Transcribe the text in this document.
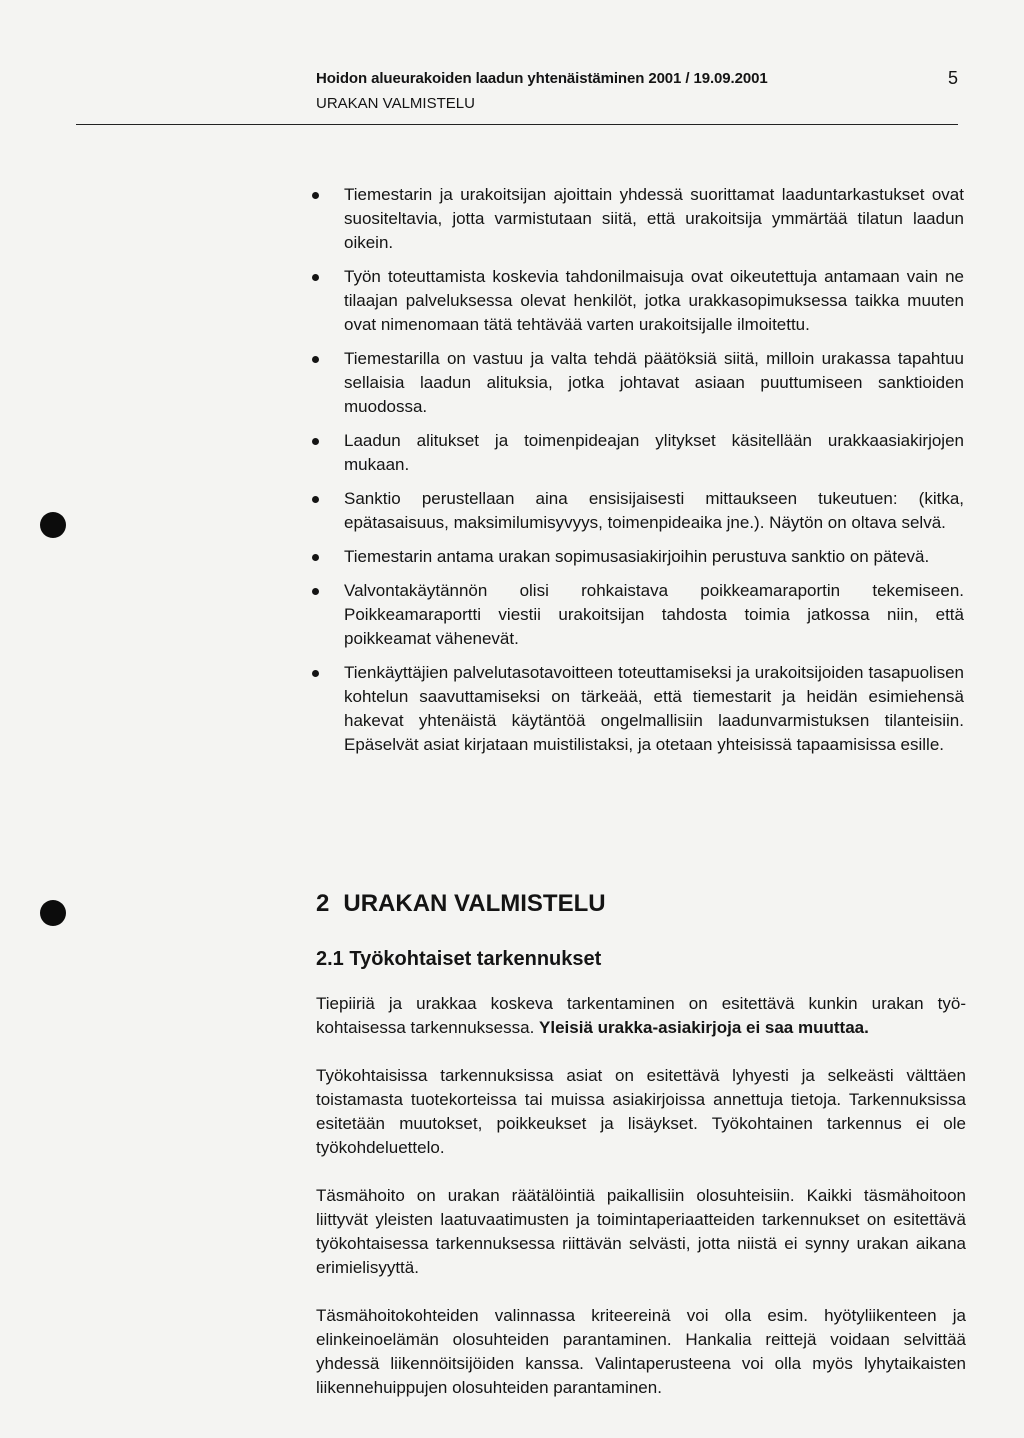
Hoidon alueurakoiden laadun yhtenäistäminen 2001 / 19.09.2001	5
URAKAN VALMISTELU
Tiemestarin ja urakoitsijan ajoittain yhdessä suorittamat laaduntarkastukset ovat suositeltavia, jotta varmistutaan siitä, että urakoitsija ymmärtää tilatun laadun oikein.
Työn toteuttamista koskevia tahdonilmaisuja ovat oikeutettuja antamaan vain ne tilaajan palveluksessa olevat henkilöt, jotka urakkasopimuksessa taikka muuten ovat nimenomaan tätä tehtävää varten urakoitsijalle ilmoitettu.
Tiemestarilla on vastuu ja valta tehdä päätöksiä siitä, milloin urakassa tapahtuu sellaisia laadun alituksia, jotka johtavat asiaan puuttumiseen sanktioiden muodossa.
Laadun alitukset ja toimenpideajan ylitykset käsitellään urakkaasiakirjojen mukaan.
Sanktio perustellaan aina ensisijaisesti mittaukseen tukeutuen: (kitka, epätasaisuus, maksimilumisyvyys, toimenpideaika jne.). Näytön on oltava selvä.
Tiemestarin antama urakan sopimusasiakirjoihin perustuva sanktio on pätevä.
Valvontakäytännön olisi rohkaistava poikkeamaraportin tekemiseen. Poikkeamaraportti viestii urakoitsijan tahdosta toimia jatkossa niin, että poikkeamat vähenevät.
Tienkäyttäjien palvelutasotavoitteen toteuttamiseksi ja urakoitsijoiden tasapuolisen kohtelun saavuttamiseksi on tärkeää, että tiemestarit ja heidän esimiehensä hakevat yhtenäistä käytäntöä ongelmallisiin laadunvarmistuksen tilanteisiin. Epäselvät asiat kirjataan muistilistaksi, ja otetaan yhteisissä tapaamisissa esille.
2 URAKAN VALMISTELU
2.1 Työkohtaiset tarkennukset

Tiepiiriä ja urakkaa koskeva tarkentaminen on esitettävä kunkin urakan työkohtaisessa tarkennuksessa. Yleisiä urakka-asiakirjoja ei saa muuttaa.

Työkohtaisissa tarkennuksissa asiat on esitettävä lyhyesti ja selkeästi välttäen toistamasta tuotekorteissa tai muissa asiakirjoissa annettuja tietoja. Tarkennuksissa esitetään muutokset, poikkeukset ja lisäykset. Työkohtainen tarkennus ei ole työkohdeluettelo.

Täsmähoito on urakan räätälöintiä paikallisiin olosuhteisiin. Kaikki täsmähoitoon liittyvät yleisten laatuvaatimusten ja toimintaperiaatteiden tarkennukset on esitettävä työkohtaisessa tarkennuksessa riittävän selvästi, jotta niistä ei synny urakan aikana erimielisyyttä.

Täsmähoitokohteiden valinnassa kriteereinä voi olla esim. hyötyliikenteen ja elinkeinoelämän olosuhteiden parantaminen. Hankalia reittejä voidaan selvittää yhdessä liikennöitsijöiden kanssa. Valintaperusteena voi olla myös lyhytaikaisten liikennehuippujen olosuhteiden parantaminen.
